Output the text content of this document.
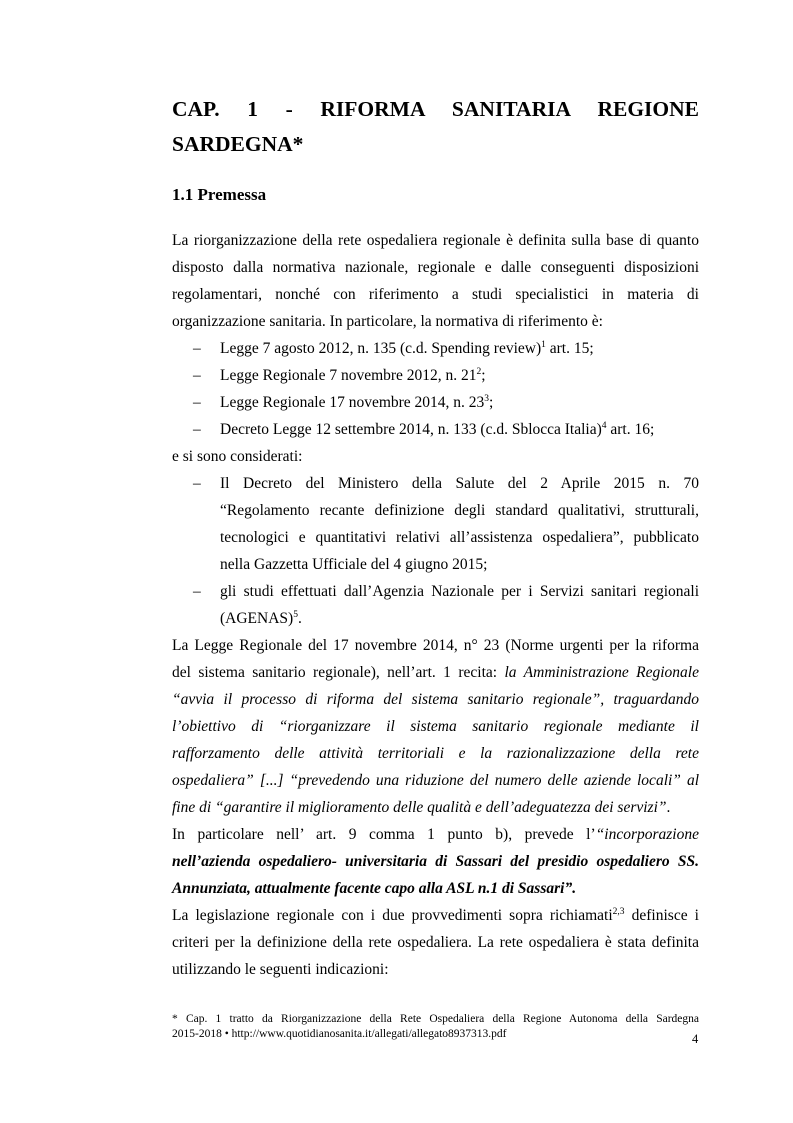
CAP. 1 - RIFORMA SANITARIA REGIONE
SARDEGNA*
1.1 Premessa

La riorganizzazione della rete ospedaliera regionale è definita sulla base di quanto
disposto dalla normativa nazionale, regionale e dalle conseguenti disposizioni
regolamentari, nonché con riferimento a studi specialistici in materia di
organizzazione sanitaria. In particolare, la normativa di riferimento è:

– Legge 7 agosto 2012, n. 135 (c.d. Spending review)$^1$ art. 15;
– Legge Regionale 7 novembre 2012, n. $21^2$;
– Legge Regionale 17 novembre 2014, n. $23^3$;
– Decreto Legge 12 settembre 2014, n. 133 (c.d. Sblocca Italia)$^4$ art. 16;

e si sono considerati:

– Il Decreto del Ministero della Salute del 2 Aprile 2015 n. 70
“Regolamento recante definizione degli standard qualitativi, strutturali,
tecnologici e quantitativi relativi all’assistenza ospedaliera”, pubblicato
nella Gazzetta Ufficiale del 4 giugno 2015;
– gli studi effettuati dall’Agenzia Nazionale per i Servizi sanitari regionali
(AGENAS)$^5$.

La Legge Regionale del 17 novembre 2014, n° 23 (Norme urgenti per la riforma
del sistema sanitario regionale), nell’art. 1 recita: la Amministrazione Regionale
“avvia il processo di riforma del sistema sanitario regionale”, traguardando
l’obiettivo di “riorganizzare il sistema sanitario regionale mediante il
rafforzamento delle attività territoriali e la razionalizzazione della rete
ospedaliera” [...] “prevedendo una riduzione del numero delle aziende locali” al
fine di “garantire il miglioramento delle qualità e dell’adeguatezza dei servizi”.

In particolare nell’ art. 9 comma 1 punto b), prevede l’“incorporazione
nell’azienda ospedaliero- universitaria di Sassari del presidio ospedaliero SS.
Annunziata, attualmente facente capo alla ASL n.1 di Sassari”.

La legislazione regionale con i due provvedimenti sopra richiamati$^{2,3}$ definisce i
criteri per la definizione della rete ospedaliera. La rete ospedaliera è stata definita
utilizzando le seguenti indicazioni:

* Cap. 1 tratto da Riorganizzazione della Rete Ospedaliera della Regione Autonoma della Sardegna
2015-2018 • http://www.quotidianosanita.it/allegati/allegato8937313.pdf	4
